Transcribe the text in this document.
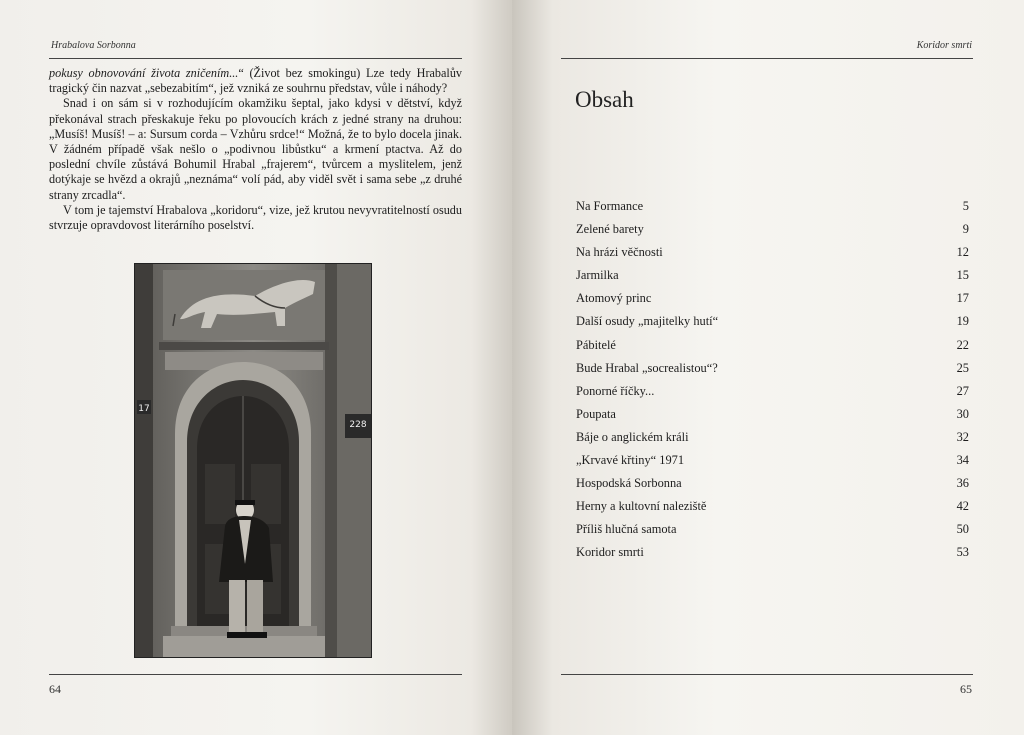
Hrabalova Sorbonna

pokusy obnovování života zničením...“ (Život bez smokingu) Lze tedy Hrabalův tragický čin nazvat „sebezabitím“, jež vzniká ze souhrnu představ, vůle i náhody?

Snad i on sám si v rozhodujícím okamžiku šeptal, jako kdysi v dětství, když překonával strach přeskakuje řeku po plovoucích krách z jedné strany na druhou: „Musíš! Musíš! – a: Sursum corda – Vzhůru srdce!“ Možná, že to bylo docela jinak. V žádném případě však nešlo o „podivnou libůstku“ a krmení ptactva. Až do poslední chvíle zůstává Bohumil Hrabal „frajerem“, tvůrcem a myslitelem, jenž dotýkaje se hvězd a okrajů „neznáma“ volí pád, aby viděl svět i sama sebe „z druhé strany zrcadla“.

V tom je tajemství Hrabalova „koridoru“, vize, jež krutou nevyvratitelností osudu stvrzuje opravdovost literárního poselství.

17
228
64
Koridor smrti
Obsah
Na Formance	5
Zelené barety	9
Na hrázi věčnosti	12
Jarmilka	15
Atomový princ	17
Další osudy „majitelky hutí“	19
Pábitelé	22
Bude Hrabal „socrealistou“?	25
Ponorné říčky...	27
Poupata	30
Báje o anglickém králi	32
„Krvavé křtiny“ 1971	34
Hospodská Sorbonna	36
Herny a kultovní naleziště	42
Příliš hlučná samota	50
Koridor smrti	53
65
